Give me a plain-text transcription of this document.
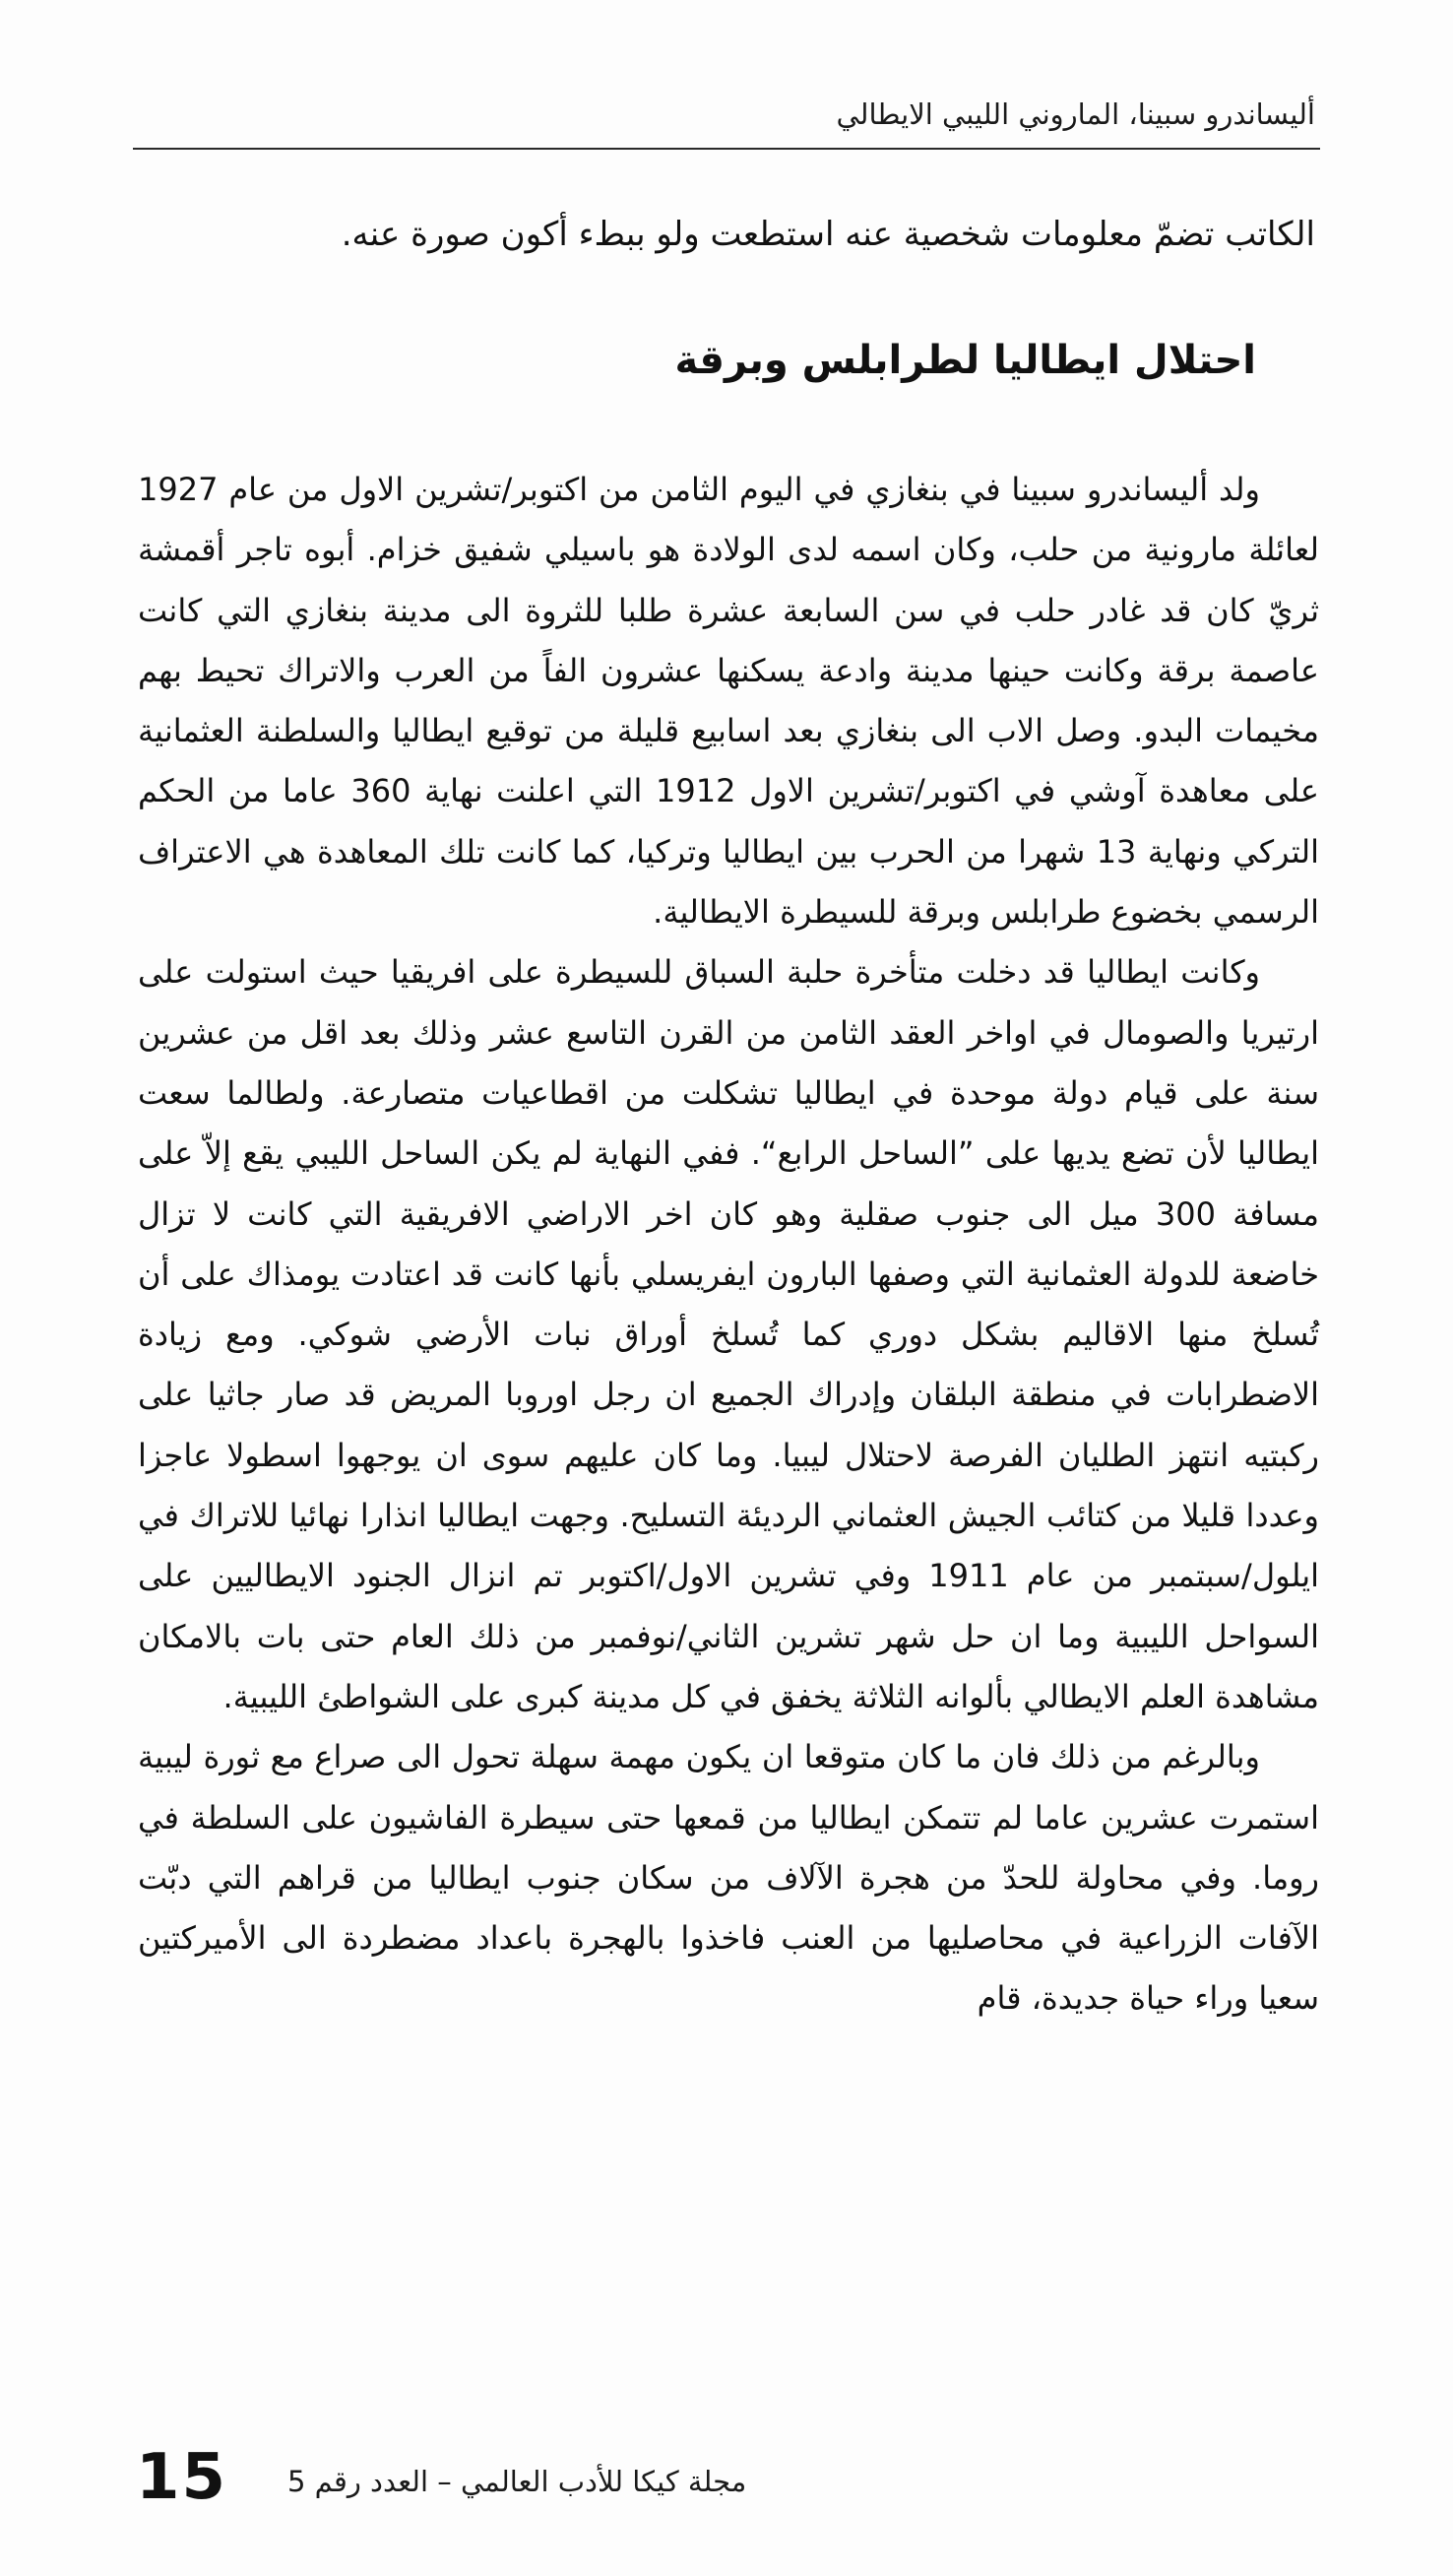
أليساندرو سبينا، الماروني الليبي الايطالي
الكاتب تضمّ معلومات شخصية عنه استطعت ولو ببطء أكون صورة عنه.
احتلال ايطاليا لطرابلس وبرقة

ولد أليساندرو سبينا في بنغازي في اليوم الثامن من اكتوبر/تشرين الاول من عام 1927 لعائلة مارونية من حلب، وكان اسمه لدى الولادة هو باسيلي شفيق خزام. أبوه تاجر أقمشة ثريّ كان قد غادر حلب في سن السابعة عشرة طلبا للثروة الى مدينة بنغازي التي كانت عاصمة برقة وكانت حينها مدينة وادعة يسكنها عشرون الفاً من العرب والاتراك تحيط بهم مخيمات البدو. وصل الاب الى بنغازي بعد اسابيع قليلة من توقيع ايطاليا والسلطنة العثمانية على معاهدة آوشي في اكتوبر/تشرين الاول 1912 التي اعلنت نهاية 360 عاما من الحكم التركي ونهاية 13 شهرا من الحرب بين ايطاليا وتركيا، كما كانت تلك المعاهدة هي الاعتراف الرسمي بخضوع طرابلس وبرقة للسيطرة الايطالية.

وكانت ايطاليا قد دخلت متأخرة حلبة السباق للسيطرة على افريقيا حيث استولت على ارتيريا والصومال في اواخر العقد الثامن من القرن التاسع عشر وذلك بعد اقل من عشرين سنة على قيام دولة موحدة في ايطاليا تشكلت من اقطاعيات متصارعة. ولطالما سعت ايطاليا لأن تضع يديها على ”الساحل الرابع“. ففي النهاية لم يكن الساحل الليبي يقع إلاّ على مسافة 300 ميل الى جنوب صقلية وهو كان اخر الاراضي الافريقية التي كانت لا تزال خاضعة للدولة العثمانية التي وصفها البارون ايفريسلي بأنها كانت قد اعتادت يومذاك على أن تُسلخ منها الاقاليم بشكل دوري كما تُسلخ أوراق نبات الأرضي شوكي. ومع زيادة الاضطرابات في منطقة البلقان وإدراك الجميع ان رجل اوروبا المريض قد صار جاثيا على ركبتيه انتهز الطليان الفرصة لاحتلال ليبيا. وما كان عليهم سوى ان يوجهوا اسطولا عاجزا وعددا قليلا من كتائب الجيش العثماني الرديئة التسليح. وجهت ايطاليا انذارا نهائيا للاتراك في ايلول/سبتمبر من عام 1911 وفي تشرين الاول/اكتوبر تم انزال الجنود الايطاليين على السواحل الليبية وما ان حل شهر تشرين الثاني/نوفمبر من ذلك العام حتى بات بالامكان مشاهدة العلم الايطالي بألوانه الثلاثة يخفق في كل مدينة كبرى على الشواطئ الليبية.

وبالرغم من ذلك فان ما كان متوقعا ان يكون مهمة سهلة تحول الى صراع مع ثورة ليبية استمرت عشرين عاما لم تتمكن ايطاليا من قمعها حتى سيطرة الفاشيون على السلطة في روما. وفي محاولة للحدّ من هجرة الآلاف من سكان جنوب ايطاليا من قراهم التي دبّت الآفات الزراعية في محاصليها من العنب فاخذوا بالهجرة باعداد مضطردة الى الأميركتين سعيا وراء حياة جديدة، قام

15 مجلة كيكا للأدب العالمي – العدد رقم 5
